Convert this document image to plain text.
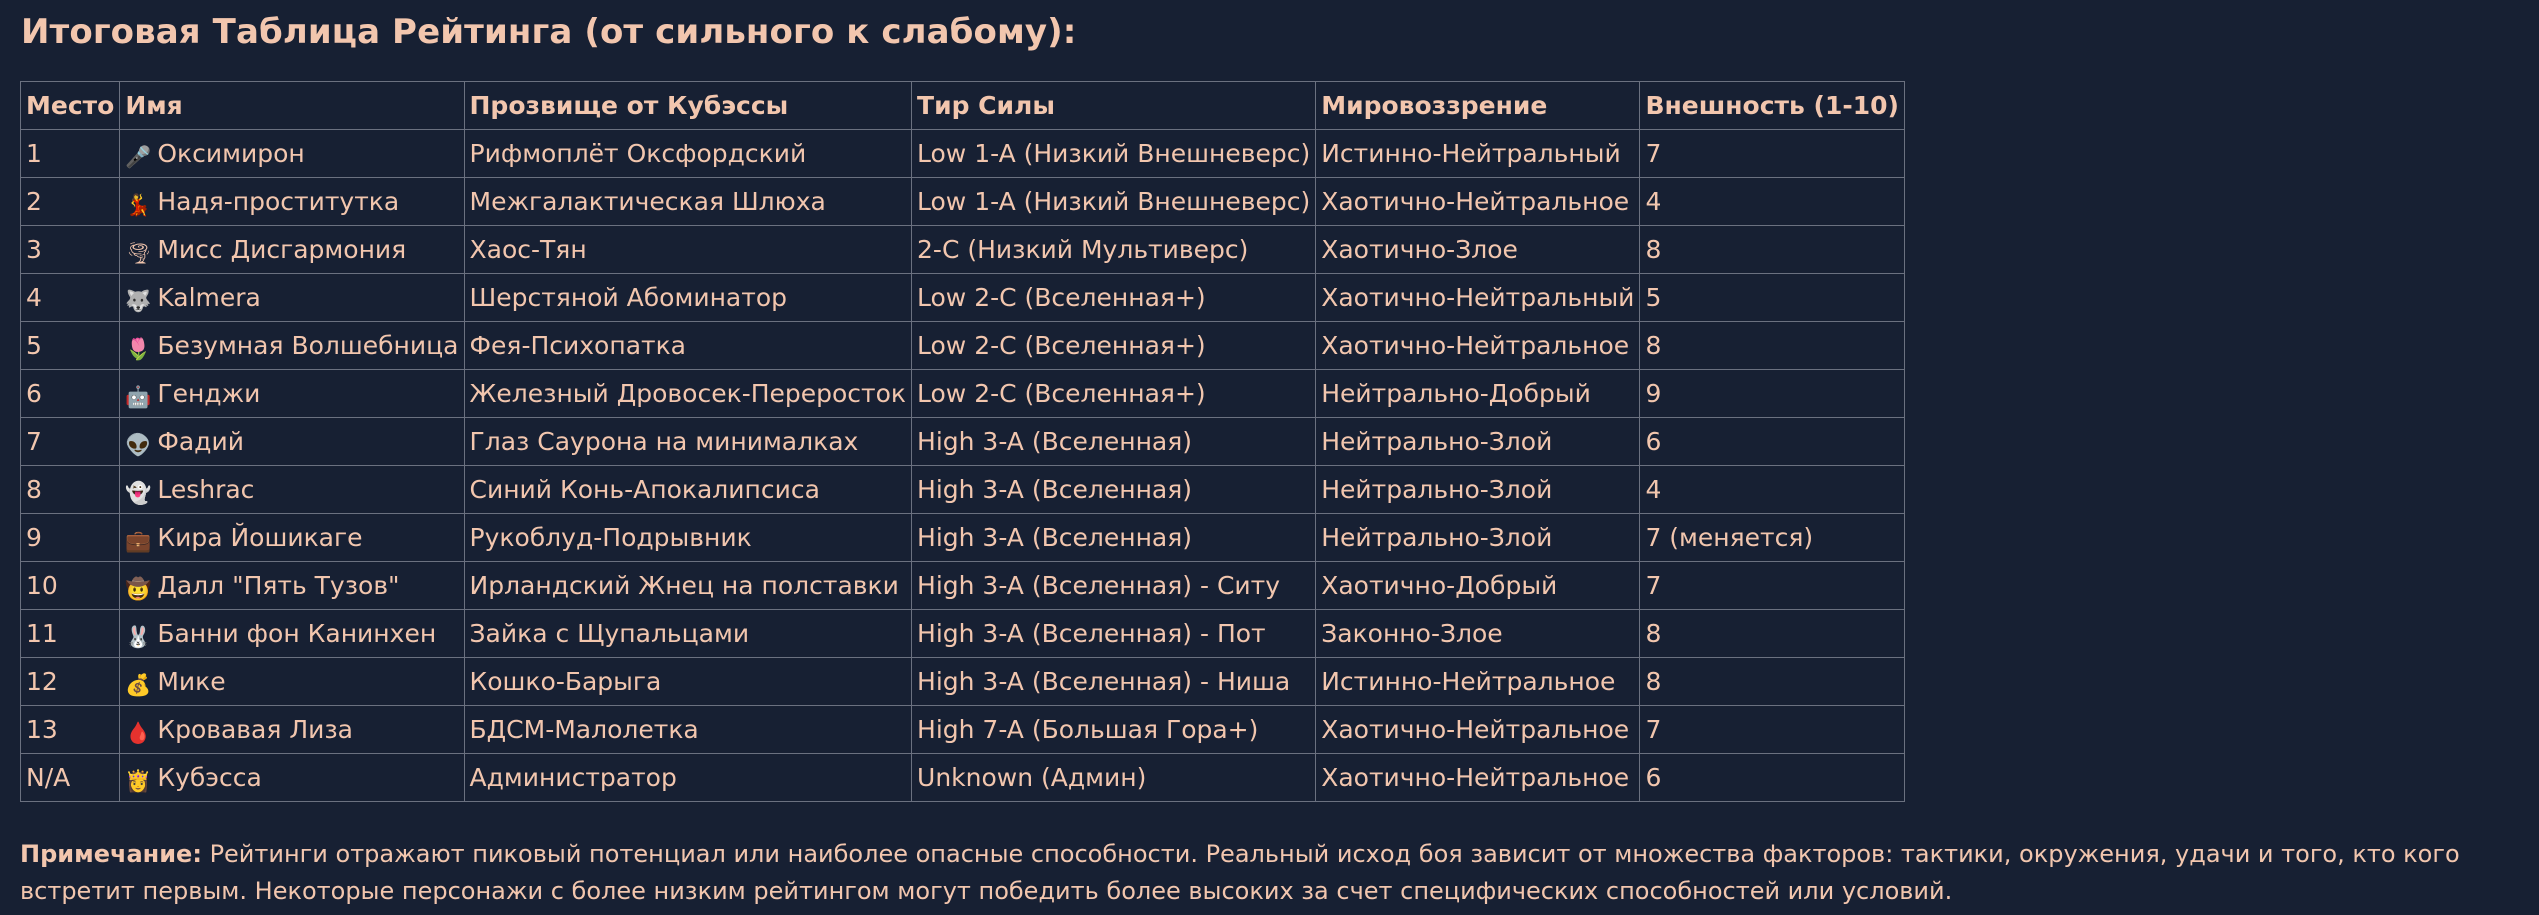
Итоговая Таблица Рейтинга (от сильного к слабому):
Место	Имя	Прозвище от Кубэссы	Тир Силы	Мировоззрение	Внешность (1-10)
1	🎤 Оксимирон	Рифмоплёт Оксфордский	Low 1-A (Низкий Внешневерс)	Истинно-Нейтральный	7
2	💃 Надя-проститутка	Межгалактическая Шлюха	Low 1-A (Низкий Внешневерс)	Хаотично-Нейтральное	4
3	🌪 Мисс Дисгармония	Хаос-Тян	2-C (Низкий Мультиверс)	Хаотично-Злое	8
4	🐺 Kalmera	Шерстяной Абоминатор	Low 2-C (Вселенная+)	Хаотично-Нейтральный	5
5	🌷 Безумная Волшебница	Фея-Психопатка	Low 2-C (Вселенная+)	Хаотично-Нейтральное	8
6	🤖 Генджи	Железный Дровосек-Переросток	Low 2-C (Вселенная+)	Нейтрально-Добрый	9
7	👽 Фадий	Глаз Саурона на минималках	High 3-A (Вселенная)	Нейтрально-Злой	6
8	👻 Leshrac	Синий Конь-Апокалипсиса	High 3-A (Вселенная)	Нейтрально-Злой	4
9	💼 Кира Йошикаге	Рукоблуд-Подрывник	High 3-A (Вселенная)	Нейтрально-Злой	7 (меняется)
10	🤠 Далл "Пять Тузов"	Ирландский Жнец на полставки	High 3-A (Вселенная) - Ситу	Хаотично-Добрый	7
11	🐰 Банни фон Канинхен	Зайка с Щупальцами	High 3-A (Вселенная) - Пот	Законно-Злое	8
12	💰 Мике	Кошко-Барыга	High 3-A (Вселенная) - Ниша	Истинно-Нейтральное	8
13	🩸 Кровавая Лиза	БДСМ-Малолетка	High 7-A (Большая Гора+)	Хаотично-Нейтральное	7
N/A	👸 Кубэсса	Администратор	Unknown (Админ)	Хаотично-Нейтральное	6

Примечание: Рейтинги отражают пиковый потенциал или наиболее опасные способности. Реальный исход боя зависит от множества факторов: тактики, окружения, удачи и того, кто кого встретит первым. Некоторые персонажи с более низким рейтингом могут победить более высоких за счет специфических способностей или условий.
